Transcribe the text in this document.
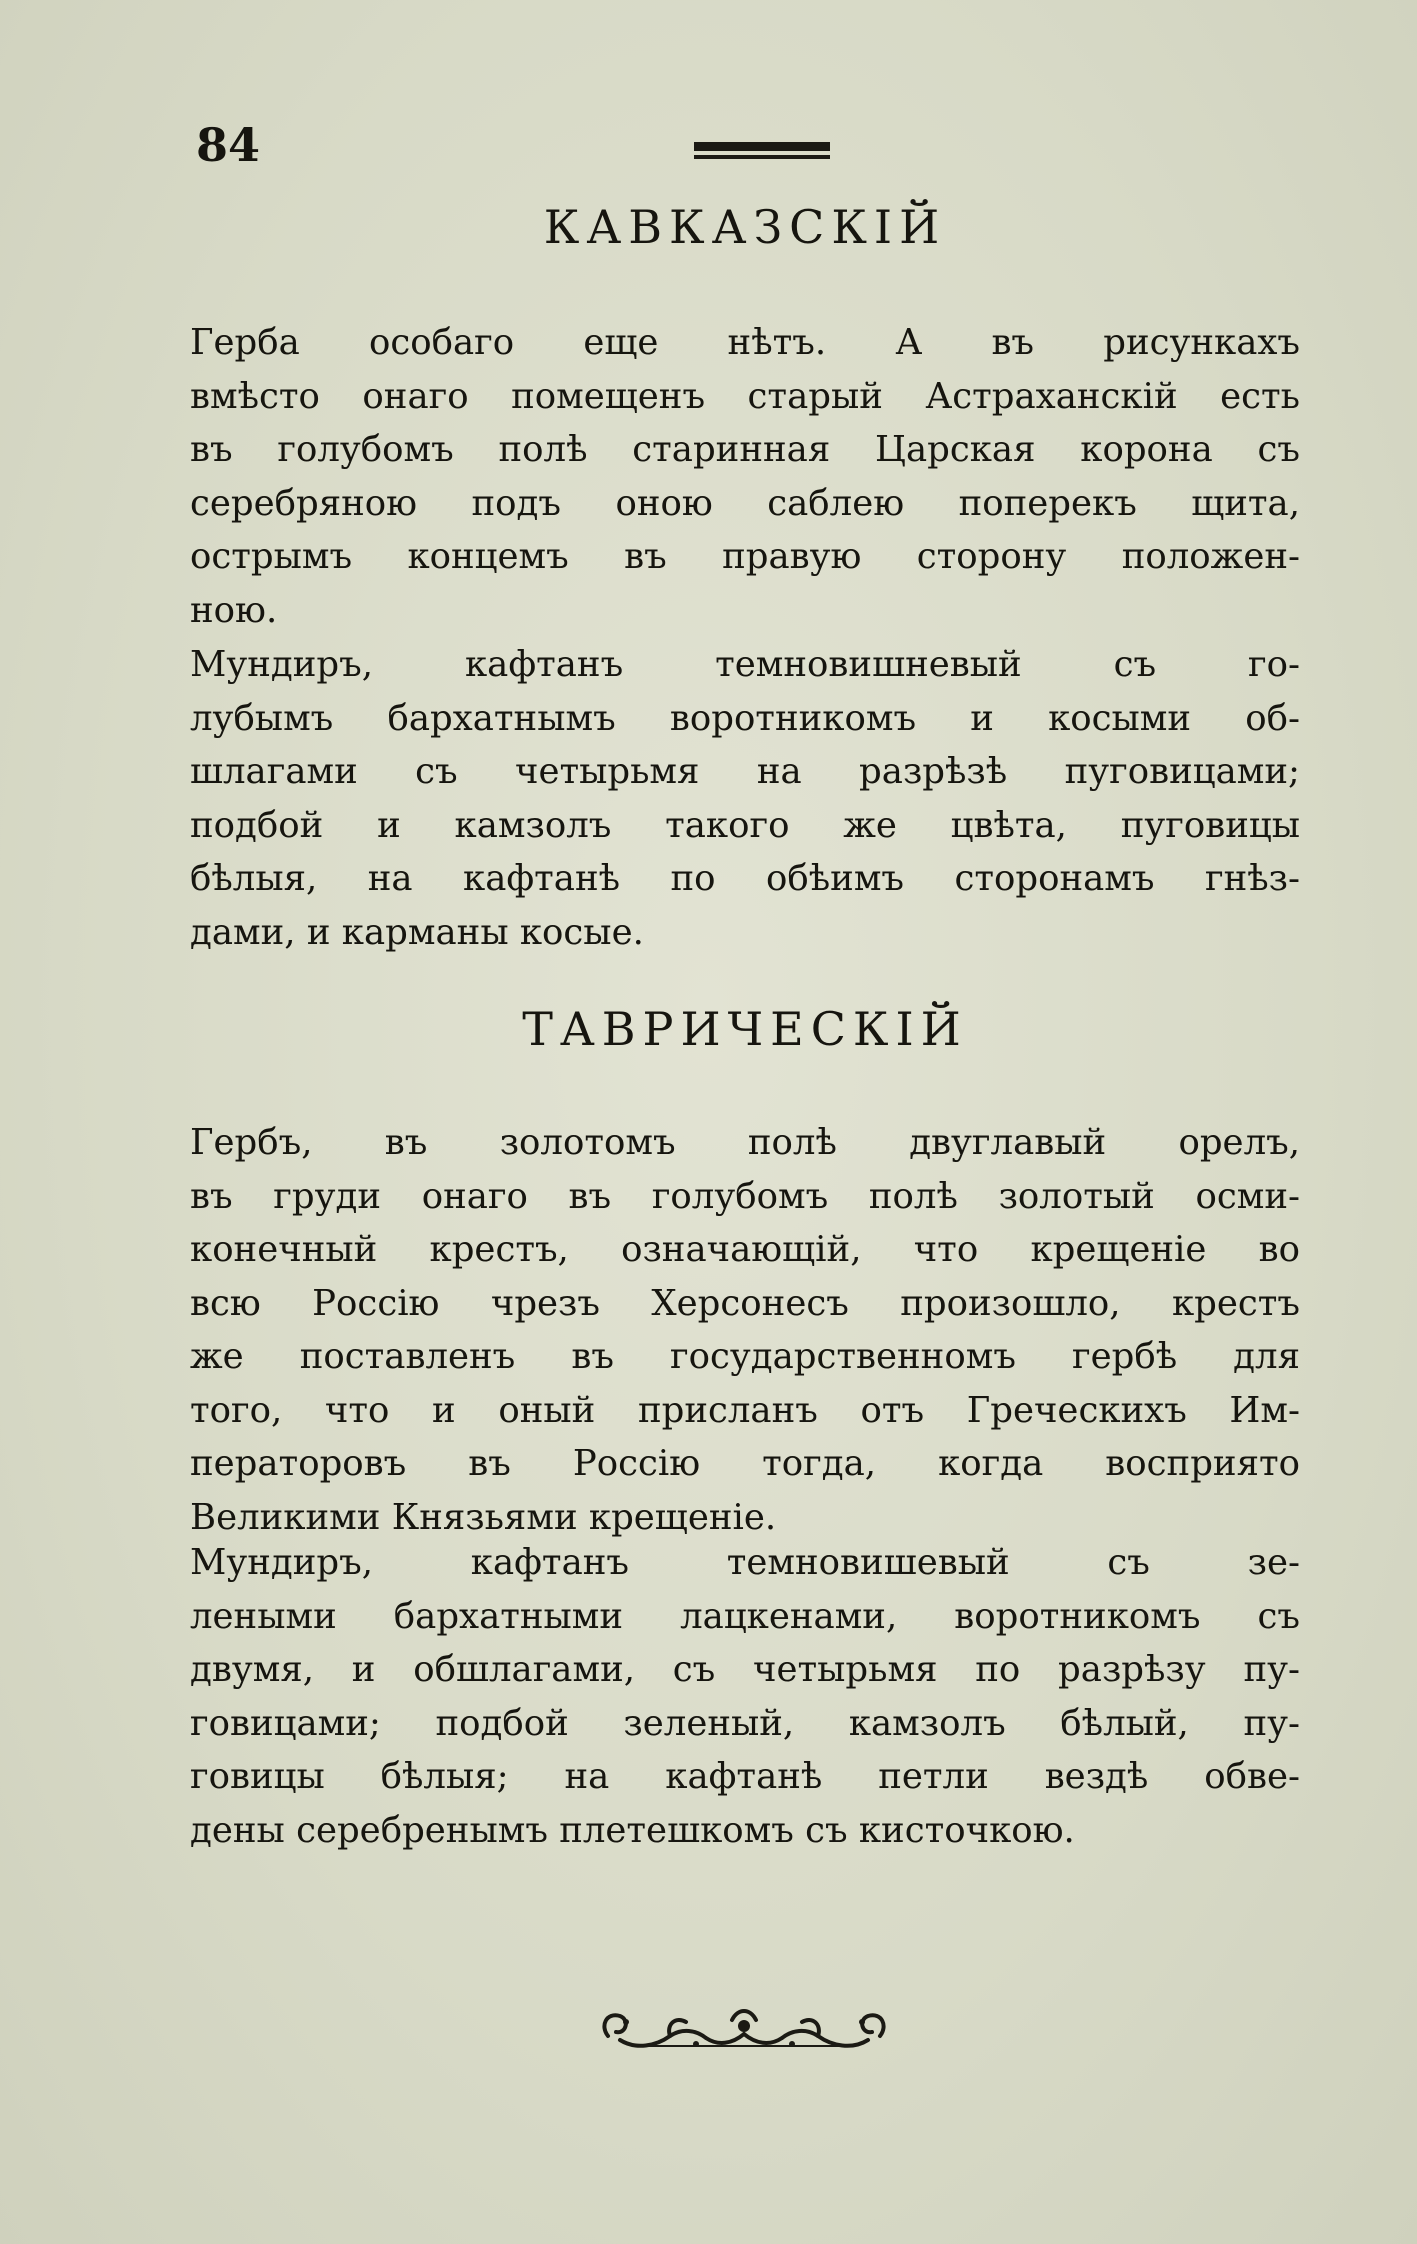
84
КАВКАЗСКІЙ
Герба особаго еще нѣтъ. А въ рисункахъ
вмѣсто онаго помещенъ старый Астраханскій есть
въ голубомъ полѣ старинная Царская корона съ
серебряною подъ оною саблею поперекъ щита,
острымъ концемъ въ правую сторону положен-
ною.
Мундиръ, кафтанъ темновишневый съ го-
лубымъ бархатнымъ воротникомъ и косыми об-
шлагами съ четырьмя на разрѣзѣ пуговицами;
подбой и камзолъ такого же цвѣта, пуговицы
бѣлыя, на кафтанѣ по обѣимъ сторонамъ гнѣз-
дами, и карманы косые.
ТАВРИЧЕСКІЙ
Гербъ, въ золотомъ полѣ двуглавый орелъ,
въ груди онаго въ голубомъ полѣ золотый осми-
конечный крестъ, означающій, что крещеніе во
всю Россію чрезъ Херсонесъ произошло, крестъ
же поставленъ въ государственномъ гербѣ для
того, что и оный присланъ отъ Греческихъ Им-
ператоровъ въ Россію тогда, когда восприято
Великими Князьями крещеніе.
Мундиръ, кафтанъ темновишевый съ зе-
леными бархатными лацкенами, воротникомъ съ
двумя, и обшлагами, съ четырьмя по разрѣзу пу-
говицами; подбой зеленый, камзолъ бѣлый, пу-
говицы бѣлыя; на кафтанѣ петли вездѣ обве-
дены серебренымъ плетешкомъ съ кисточкою.
